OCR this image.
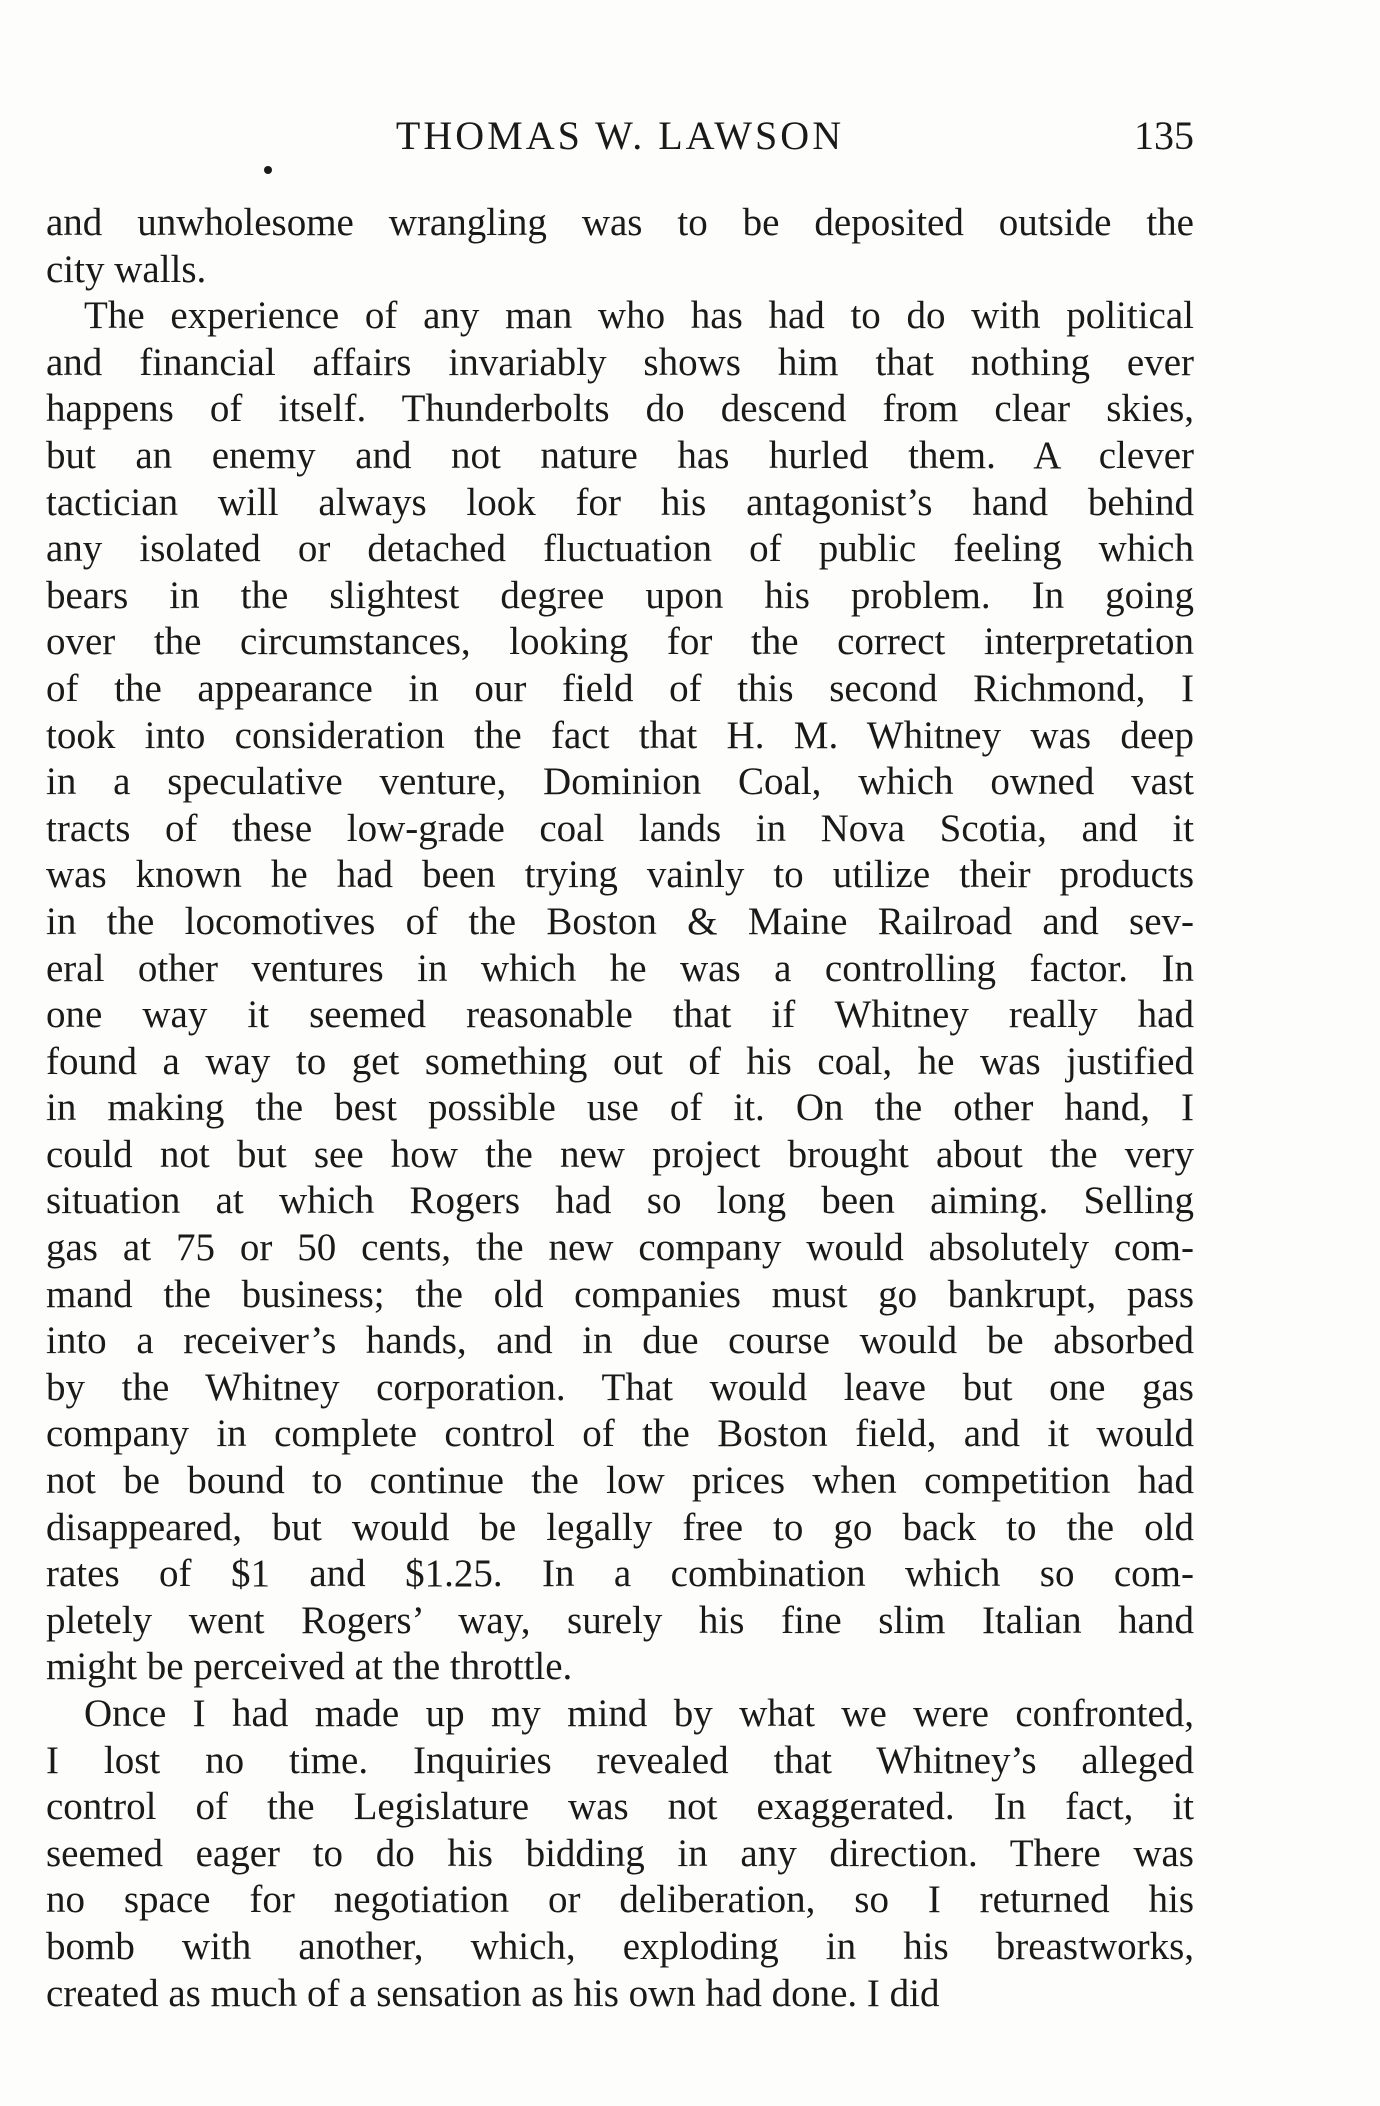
THOMAS W. LAWSON	135
and unwholesome wrangling was to be deposited outside the
city walls.
The experience of any man who has had to do with political
and financial affairs invariably shows him that nothing ever
happens of itself. Thunderbolts do descend from clear skies,
but an enemy and not nature has hurled them. A clever
tactician will always look for his antagonist’s hand behind
any isolated or detached fluctuation of public feeling which
bears in the slightest degree upon his problem. In going
over the circumstances, looking for the correct interpretation
of the appearance in our field of this second Richmond, I
took into consideration the fact that H. M. Whitney was deep
in a speculative venture, Dominion Coal, which owned vast
tracts of these low-grade coal lands in Nova Scotia, and it
was known he had been trying vainly to utilize their products
in the locomotives of the Boston & Maine Railroad and sev-
eral other ventures in which he was a controlling factor. In
one way it seemed reasonable that if Whitney really had
found a way to get something out of his coal, he was justified
in making the best possible use of it. On the other hand, I
could not but see how the new project brought about the very
situation at which Rogers had so long been aiming. Selling
gas at 75 or 50 cents, the new company would absolutely com-
mand the business; the old companies must go bankrupt, pass
into a receiver’s hands, and in due course would be absorbed
by the Whitney corporation. That would leave but one gas
company in complete control of the Boston field, and it would
not be bound to continue the low prices when competition had
disappeared, but would be legally free to go back to the old
rates of $1 and $1.25. In a combination which so com-
pletely went Rogers’ way, surely his fine slim Italian hand
might be perceived at the throttle.
Once I had made up my mind by what we were confronted,
I lost no time. Inquiries revealed that Whitney’s alleged
control of the Legislature was not exaggerated. In fact, it
seemed eager to do his bidding in any direction. There was
no space for negotiation or deliberation, so I returned his
bomb with another, which, exploding in his breastworks,
created as much of a sensation as his own had done. I did
